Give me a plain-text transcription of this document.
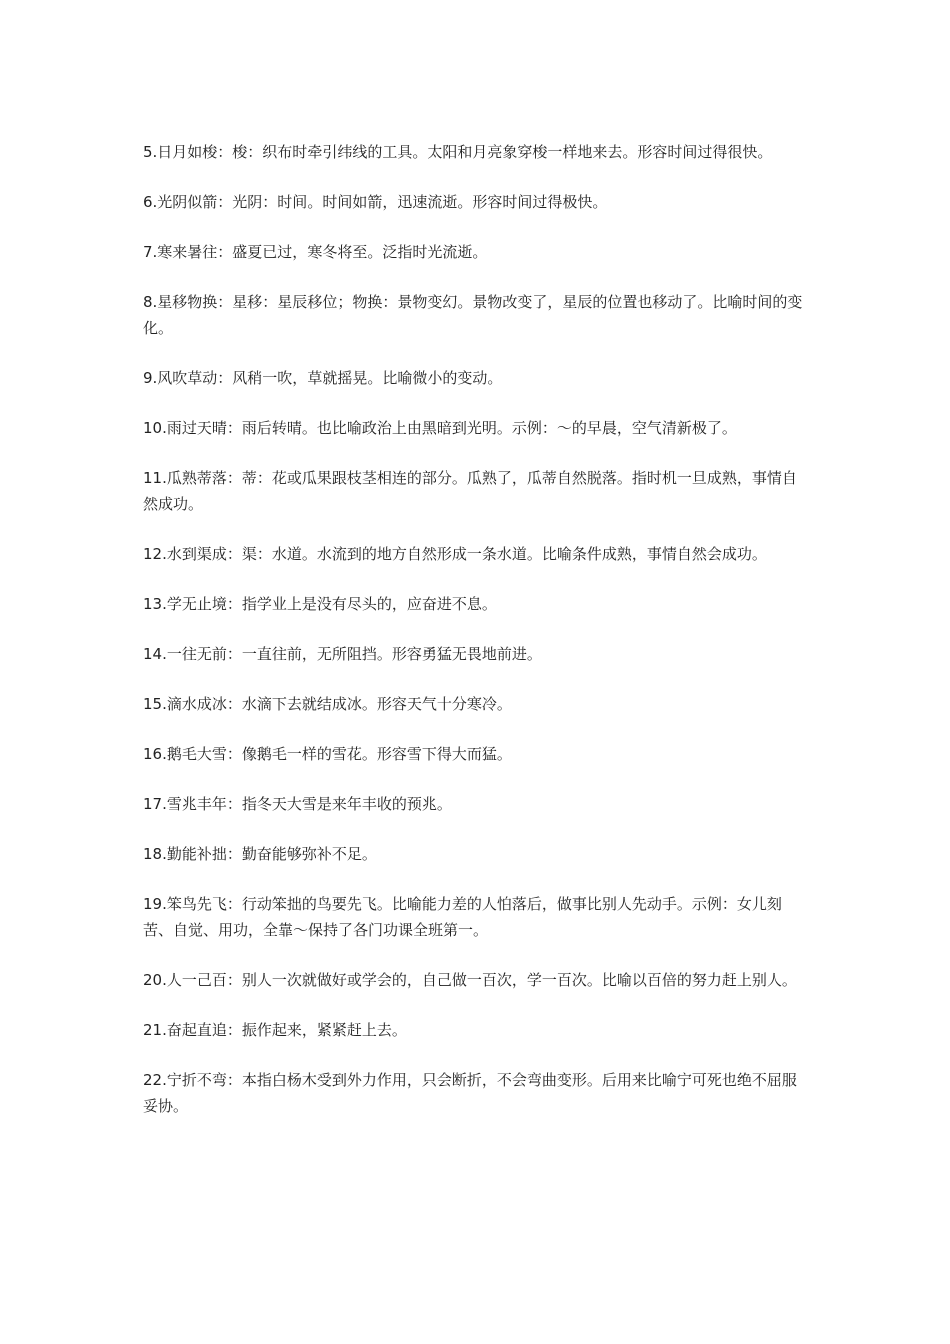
5.日月如梭：梭：织布时牵引纬线的工具。太阳和月亮象穿梭一样地来去。形容时间过得很快。

6.光阴似箭：光阴：时间。时间如箭，迅速流逝。形容时间过得极快。

7.寒来暑往：盛夏已过，寒冬将至。泛指时光流逝。

8.星移物换：星移：星辰移位；物换：景物变幻。景物改变了，星辰的位置也移动了。比喻时间的变化。

9.风吹草动：风稍一吹，草就摇晃。比喻微小的变动。

10.雨过天晴：雨后转晴。也比喻政治上由黑暗到光明。示例：～的早晨，空气清新极了。

11.瓜熟蒂落：蒂：花或瓜果跟枝茎相连的部分。瓜熟了，瓜蒂自然脱落。指时机一旦成熟，事情自然成功。

12.水到渠成：渠：水道。水流到的地方自然形成一条水道。比喻条件成熟，事情自然会成功。

13.学无止境：指学业上是没有尽头的，应奋进不息。

14.一往无前：一直往前，无所阻挡。形容勇猛无畏地前进。

15.滴水成冰：水滴下去就结成冰。形容天气十分寒冷。

16.鹅毛大雪：像鹅毛一样的雪花。形容雪下得大而猛。

17.雪兆丰年：指冬天大雪是来年丰收的预兆。

18.勤能补拙：勤奋能够弥补不足。

19.笨鸟先飞：行动笨拙的鸟要先飞。比喻能力差的人怕落后，做事比别人先动手。示例：女儿刻苦、自觉、用功，全靠～保持了各门功课全班第一。

20.人一己百：别人一次就做好或学会的，自己做一百次，学一百次。比喻以百倍的努力赶上别人。

21.奋起直追：振作起来，紧紧赶上去。

22.宁折不弯：本指白杨木受到外力作用，只会断折，不会弯曲变形。后用来比喻宁可死也绝不屈服妥协。
